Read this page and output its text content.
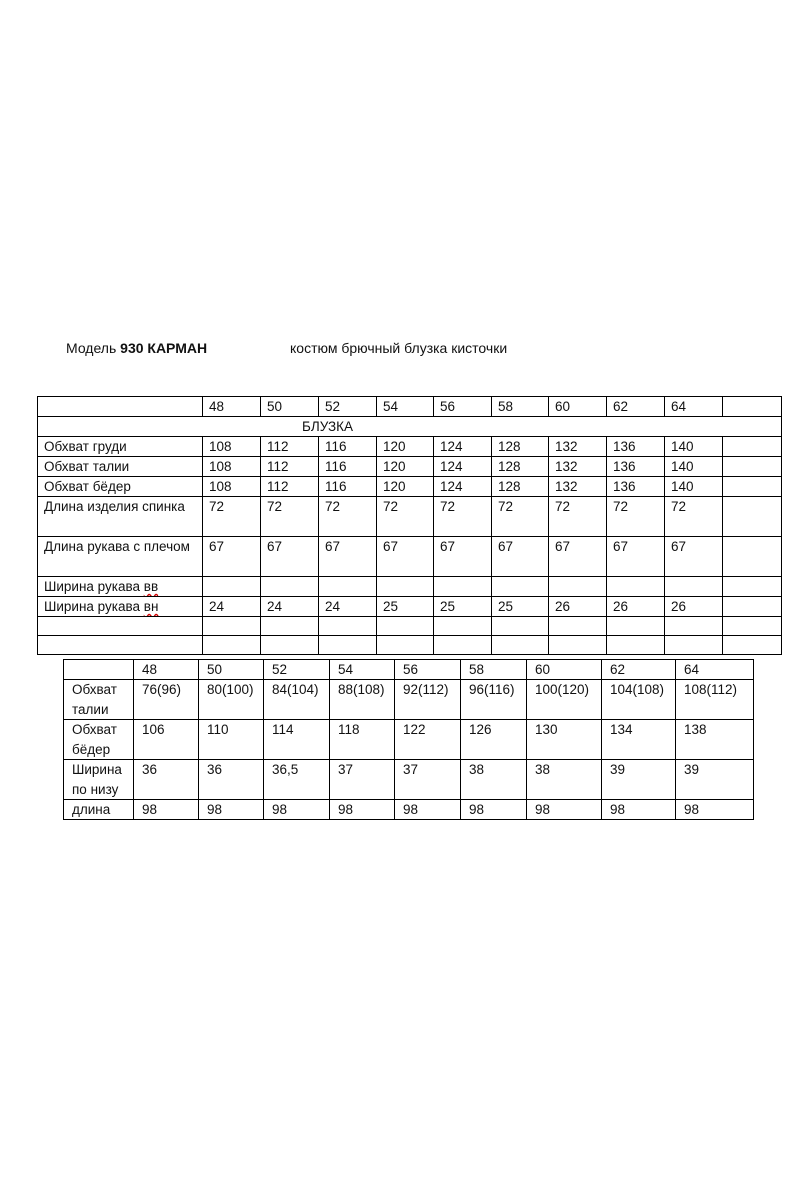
Модель 930 КАРМАН	костюм брючный блузка кисточки
	48	50	52	54	56	58	60	62	64	
БЛУЗКА										
Обхват груди	108	112	116	120	124	128	132	136	140	
Обхват талии	108	112	116	120	124	128	132	136	140	
Обхват бёдер	108	112	116	120	124	128	132	136	140	
Длина изделия спинка	72	72	72	72	72	72	72	72	72	
Длина рукава с плечом	67	67	67	67	67	67	67	67	67	
Ширина рукава вв										
Ширина рукава вн	24	24	24	25	25	25	26	26	26	

	48	50	52	54	56	58	60	62	64
Обхват талии	76(96)	80(100)	84(104)	88(108)	92(112)	96(116)	100(120)	104(108)	108(112)
Обхват бёдер	106	110	114	118	122	126	130	134	138
Ширина по низу	36	36	36,5	37	37	38	38	39	39
длина	98	98	98	98	98	98	98	98	98
